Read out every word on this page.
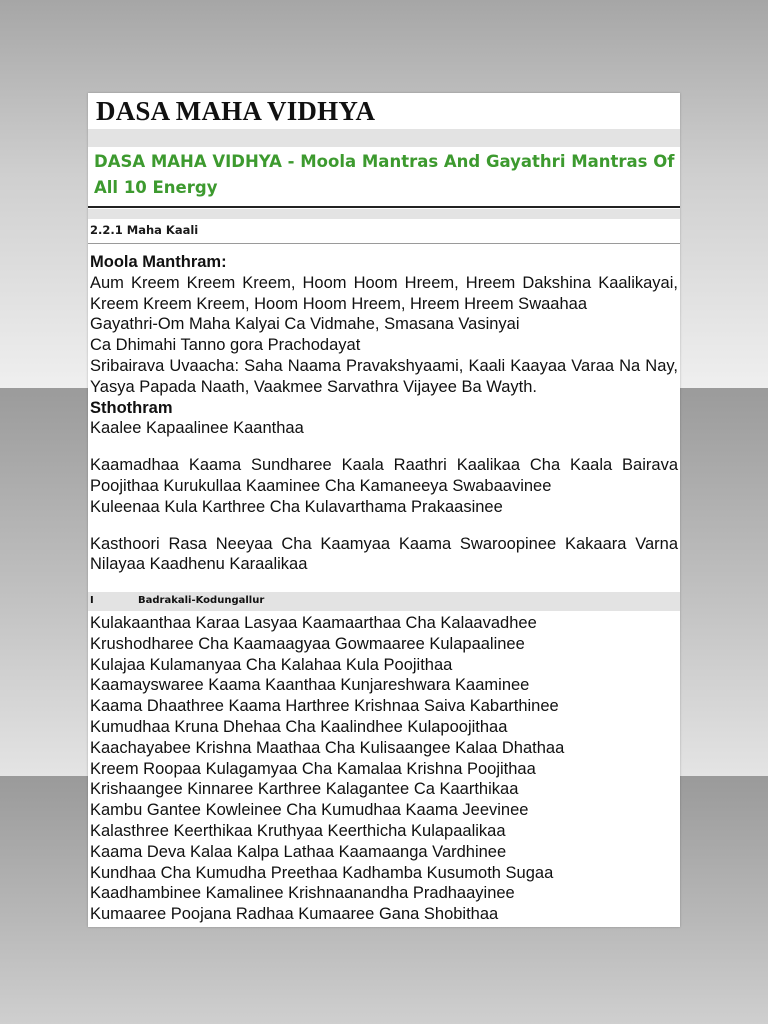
DASA MAHA VIDHYA
DASA MAHA VIDHYA - Moola Mantras And Gayathri Mantras Of All 10 Energy
2.2.1 Maha Kaali
Moola Manthram:
Aum Kreem Kreem Kreem, Hoom Hoom Hreem, Hreem Dakshina Kaalikayai, Kreem Kreem Kreem, Hoom Hoom Hreem, Hreem Hreem Swaahaa
Gayathri-Om Maha Kalyai Ca Vidmahe, Smasana Vasinyai
Ca Dhimahi Tanno gora Prachodayat
Sribairava Uvaacha: Saha Naama Pravakshyaami, Kaali Kaayaa Varaa Na Nay, Yasya Papada Naath, Vaakmee Sarvathra Vijayee Ba Wayth.
Sthothram
Kaalee Kapaalinee Kaanthaa
Kaamadhaa Kaama Sundharee Kaala Raathri Kaalikaa Cha Kaala Bairava Poojithaa Kurukullaa Kaaminee Cha Kamaneeya Swabaavinee
Kuleenaa Kula Karthree Cha Kulavarthama Prakaasinee
Kasthoori Rasa Neeyaa Cha Kaamyaa Kaama Swaroopinee Kakaara Varna Nilayaa Kaadhenu Karaalikaa
I	Badrakali-Kodungallur
Kulakaanthaa Karaa Lasyaa Kaamaarthaa Cha Kalaavadhee
Krushodharee Cha Kaamaagyaa Gowmaaree Kulapaalinee
Kulajaa Kulamanyaa Cha Kalahaa Kula Poojithaa
Kaamayswaree Kaama Kaanthaa Kunjareshwara Kaaminee
Kaama Dhaathree Kaama Harthree Krishnaa Saiva Kabarthinee
Kumudhaa Kruna Dhehaa Cha Kaalindhee Kulapoojithaa
Kaachayabee Krishna Maathaa Cha Kulisaangee Kalaa Dhathaa
Kreem Roopaa Kulagamyaa Cha Kamalaa Krishna Poojithaa
Krishaangee Kinnaree Karthree Kalagantee Ca Kaarthikaa
Kambu Gantee Kowleinee Cha Kumudhaa Kaama Jeevinee
Kalasthree Keerthikaa Kruthyaa Keerthicha Kulapaalikaa
Kaama Deva Kalaa Kalpa Lathaa Kaamaanga Vardhinee
Kundhaa Cha Kumudha Preethaa Kadhamba Kusumoth Sugaa
Kaadhambinee Kamalinee Krishnaanandha Pradhaayinee
Kumaaree Poojana Radhaa Kumaaree Gana Shobithaa
